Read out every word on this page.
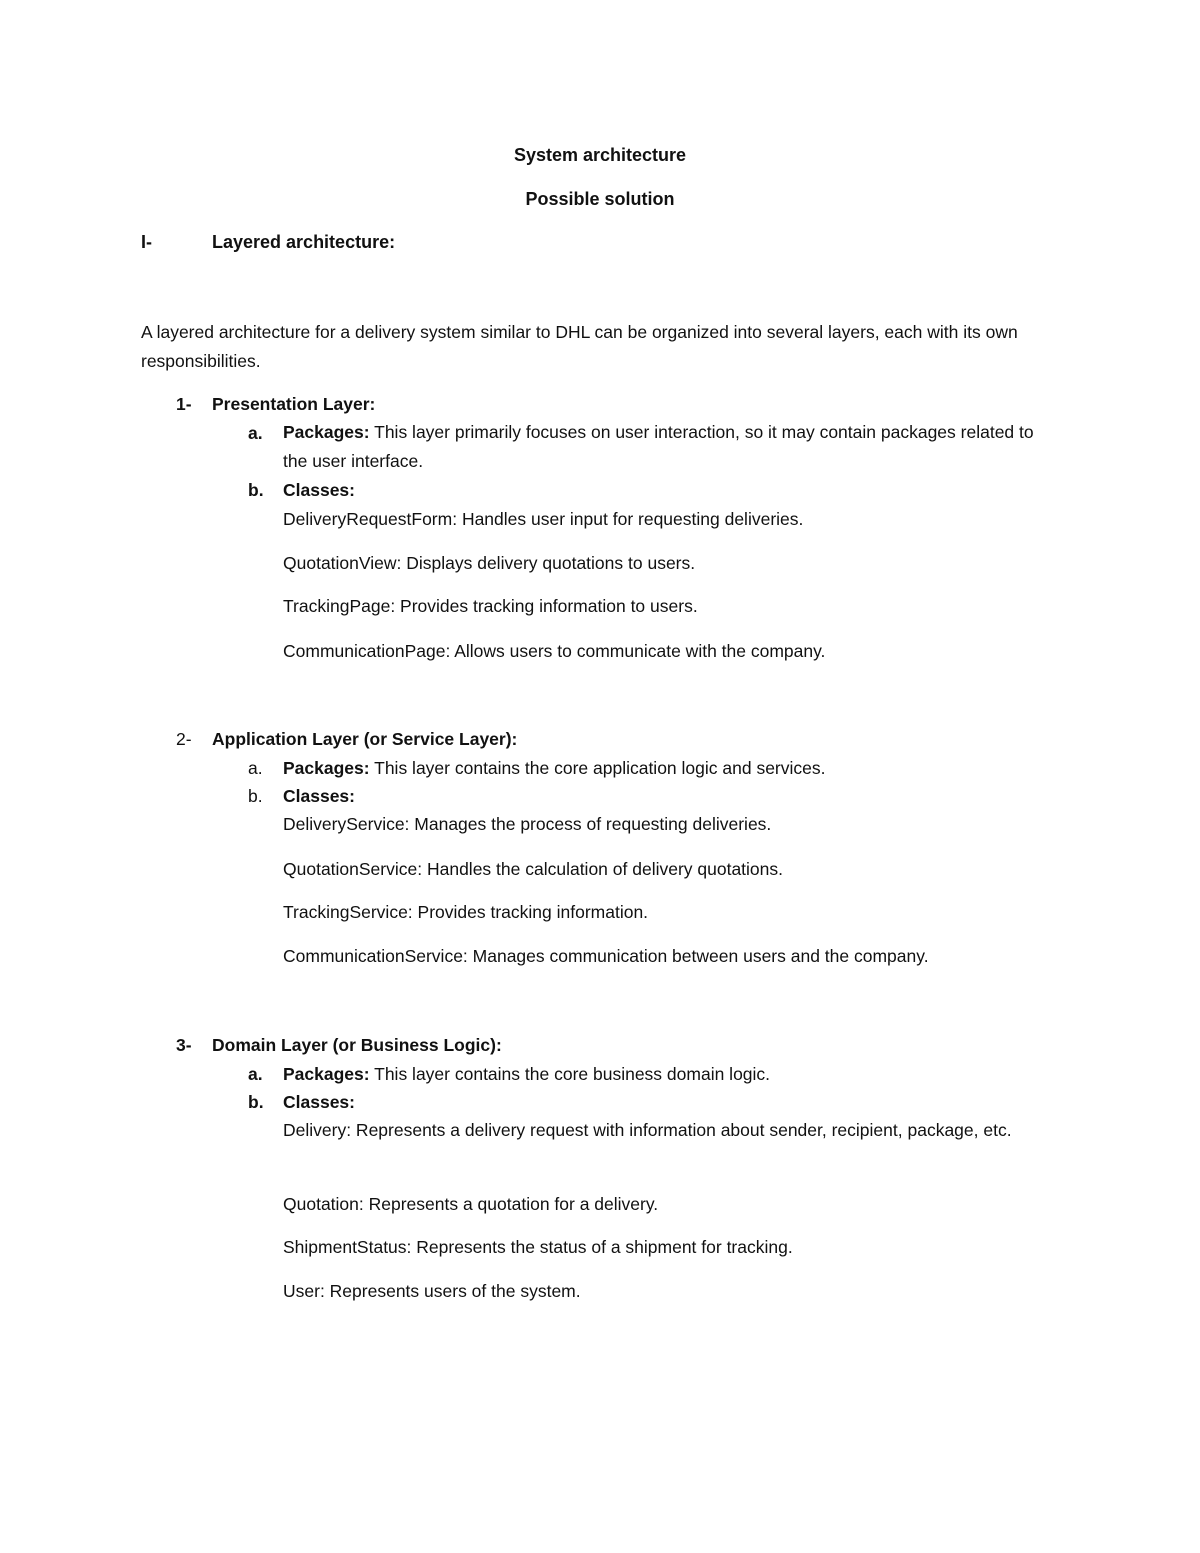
System architecture
Possible solution
I-	Layered architecture:
A layered architecture for a delivery system similar to DHL can be organized into several layers, each with its own responsibilities.
1- Presentation Layer:
a. Packages: This layer primarily focuses on user interaction, so it may contain packages related to the user interface.
b. Classes:
DeliveryRequestForm: Handles user input for requesting deliveries.
QuotationView: Displays delivery quotations to users.
TrackingPage: Provides tracking information to users.
CommunicationPage: Allows users to communicate with the company.
2- Application Layer (or Service Layer):
a. Packages: This layer contains the core application logic and services.
b. Classes:
DeliveryService: Manages the process of requesting deliveries.
QuotationService: Handles the calculation of delivery quotations.
TrackingService: Provides tracking information.
CommunicationService: Manages communication between users and the company.
3- Domain Layer (or Business Logic):
a. Packages: This layer contains the core business domain logic.
b. Classes:
Delivery: Represents a delivery request with information about sender, recipient, package, etc.
Quotation: Represents a quotation for a delivery.
ShipmentStatus: Represents the status of a shipment for tracking.
User: Represents users of the system.
